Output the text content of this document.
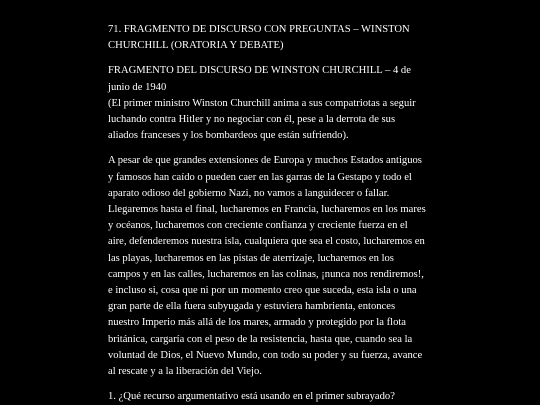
71. FRAGMENTO DE DISCURSO CON PREGUNTAS – WINSTON CHURCHILL (ORATORIA Y DEBATE)

FRAGMENTO DEL DISCURSO DE WINSTON CHURCHILL – 4 de junio de 1940
(El primer ministro Winston Churchill anima a sus compatriotas a seguir luchando contra Hitler y no negociar con él, pese a la derrota de sus aliados franceses y los bombardeos que están sufriendo).

A pesar de que grandes extensiones de Europa y muchos Estados antiguos y famosos han caído o pueden caer en las garras de la Gestapo y todo el aparato odioso del gobierno Nazi, no vamos a languidecer o fallar. Llegaremos hasta el final, lucharemos en Francia, lucharemos en los mares y océanos, lucharemos con creciente confianza y creciente fuerza en el aire, defenderemos nuestra isla, cualquiera que sea el costo, lucharemos en las playas, lucharemos en las pistas de aterrizaje, lucharemos en los campos y en las calles, lucharemos en las colinas, ¡nunca nos rendiremos!, e incluso si, cosa que ni por un momento creo que suceda, esta isla o una gran parte de ella fuera subyugada y estuviera hambrienta, entonces nuestro Imperio más allá de los mares, armado y protegido por la flota británica, cargaría con el peso de la resistencia, hasta que, cuando sea la voluntad de Dios, el Nuevo Mundo, con todo su poder y su fuerza, avance al rescate y a la liberación del Viejo.

1. ¿Qué recurso argumentativo está usando en el primer subrayado?
